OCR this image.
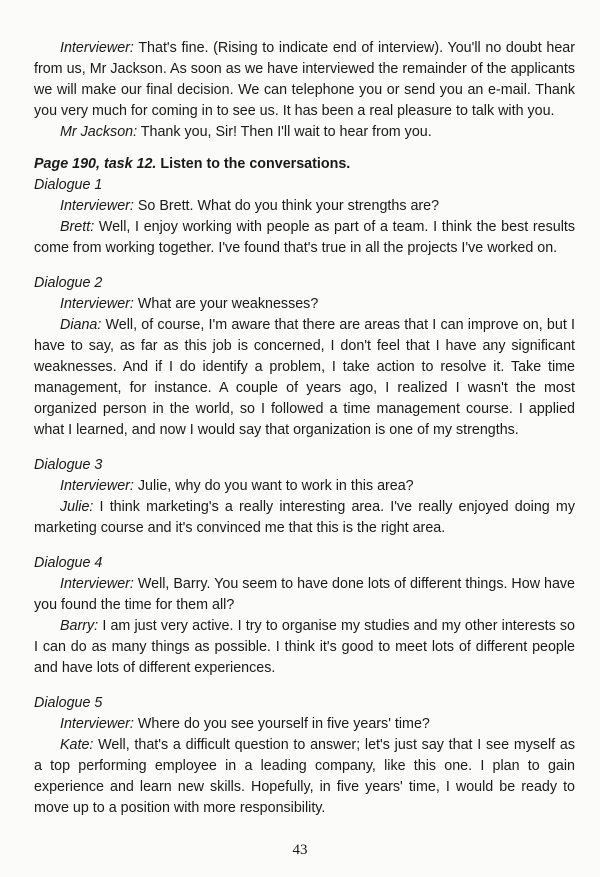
Interviewer: That's fine. (Rising to indicate end of interview). You'll no doubt hear from us, Mr Jackson. As soon as we have interviewed the remainder of the applicants we will make our final decision. We can telephone you or send you an e-mail. Thank you very much for coming in to see us. It has been a real pleasure to talk with you.

Mr Jackson: Thank you, Sir! Then I'll wait to hear from you.

Page 190, task 12. Listen to the conversations.

Dialogue 1

Interviewer: So Brett. What do you think your strengths are?

Brett: Well, I enjoy working with people as part of a team. I think the best results come from working together. I've found that's true in all the projects I've worked on.

Dialogue 2

Interviewer: What are your weaknesses?

Diana: Well, of course, I'm aware that there are areas that I can improve on, but I have to say, as far as this job is concerned, I don't feel that I have any significant weaknesses. And if I do identify a problem, I take action to resolve it. Take time management, for instance. A couple of years ago, I realized I wasn't the most organized person in the world, so I followed a time management course. I applied what I learned, and now I would say that organization is one of my strengths.

Dialogue 3

Interviewer: Julie, why do you want to work in this area?

Julie: I think marketing's a really interesting area. I've really enjoyed doing my marketing course and it's convinced me that this is the right area.

Dialogue 4

Interviewer: Well, Barry. You seem to have done lots of different things. How have you found the time for them all?

Barry: I am just very active. I try to organise my studies and my other interests so I can do as many things as possible. I think it's good to meet lots of different people and have lots of different experiences.

Dialogue 5

Interviewer: Where do you see yourself in five years' time?

Kate: Well, that's a difficult question to answer; let's just say that I see myself as a top performing employee in a leading company, like this one. I plan to gain experience and learn new skills. Hopefully, in five years' time, I would be ready to move up to a position with more responsibility.

43
